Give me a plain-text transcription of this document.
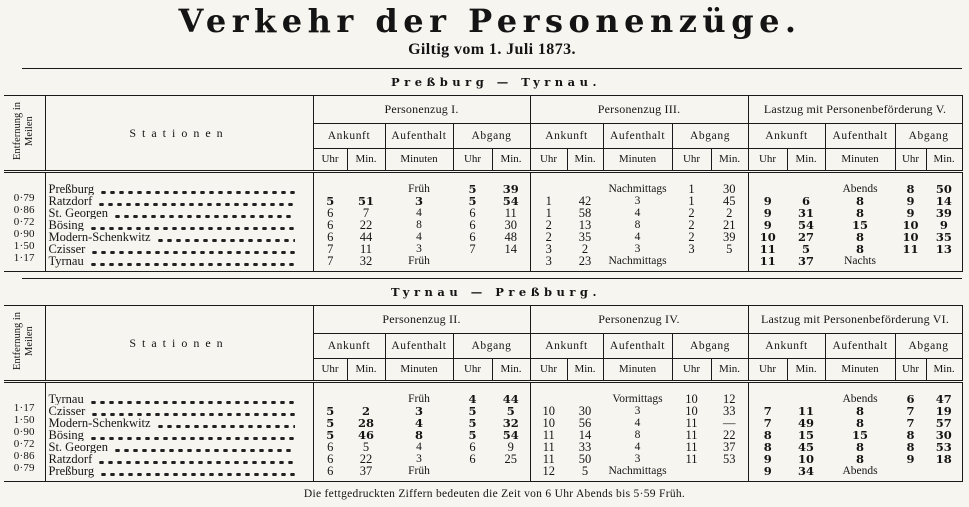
Verkehr der Personenzüge.
Giltig vom 1. Juli 1873.
Preßburg — Tyrnau.
Entfernung in Meilen	Stationen	Personenzug I.					Personenzug III.					Lastzug mit Personenbeförderung V.				
		Ankunft		Aufenthalt	Abgang		Ankunft		Aufenthalt	Abgang		Ankunft		Aufenthalt	Abgang	
		Uhr	Min.	Minuten	Uhr	Min.	Uhr	Min.	Minuten	Uhr	Min.	Uhr	Min.	Minuten	Uhr	Min.

	Preßburg			Früh	5	39			Nachmittags	1	30			Abends	8	50
0·79	Ratzdorf	5	51	3	5	54	1	42	3	1	45	9	6	8	9	14
0·86	St. Georgen	6	7	4	6	11	1	58	4	2	2	9	31	8	9	39
0·72	Bösing	6	22	8	6	30	2	13	8	2	21	9	54	15	10	9
0·90	Modern-Schenkwitz	6	44	4	6	48	2	35	4	2	39	10	27	8	10	35
1·50	Czisser	7	11	3	7	14	3	2	3	3	5	11	5	8	11	13
1·17	Tyrnau	7	32	Früh			3	23	Nachmittags			11	37	Nachts		
Tyrnau — Preßburg.
Entfernung in Meilen	Stationen	Personenzug II.					Personenzug IV.					Lastzug mit Personenbeförderung VI.				
		Ankunft		Aufenthalt	Abgang		Ankunft		Aufenthalt	Abgang		Ankunft		Aufenthalt	Abgang	
		Uhr	Min.	Minuten	Uhr	Min.	Uhr	Min.	Minuten	Uhr	Min.	Uhr	Min.	Minuten	Uhr	Min.

	Tyrnau			Früh	4	44			Vormittags	10	12			Abends	6	47
1·17	Czisser	5	2	3	5	5	10	30	3	10	33	7	11	8	7	19
1·50	Modern-Schenkwitz	5	28	4	5	32	10	56	4	11	—	7	49	8	7	57
0·90	Bösing	5	46	8	5	54	11	14	8	11	22	8	15	15	8	30
0·72	St. Georgen	6	5	4	6	9	11	33	4	11	37	8	45	8	8	53
0·86	Ratzdorf	6	22	3	6	25	11	50	3	11	53	9	10	8	9	18
0·79	Preßburg	6	37	Früh			12	5	Nachmittags			9	34	Abends		
Die fettgedruckten Ziffern bedeuten die Zeit von 6 Uhr Abends bis 5·59 Früh.
